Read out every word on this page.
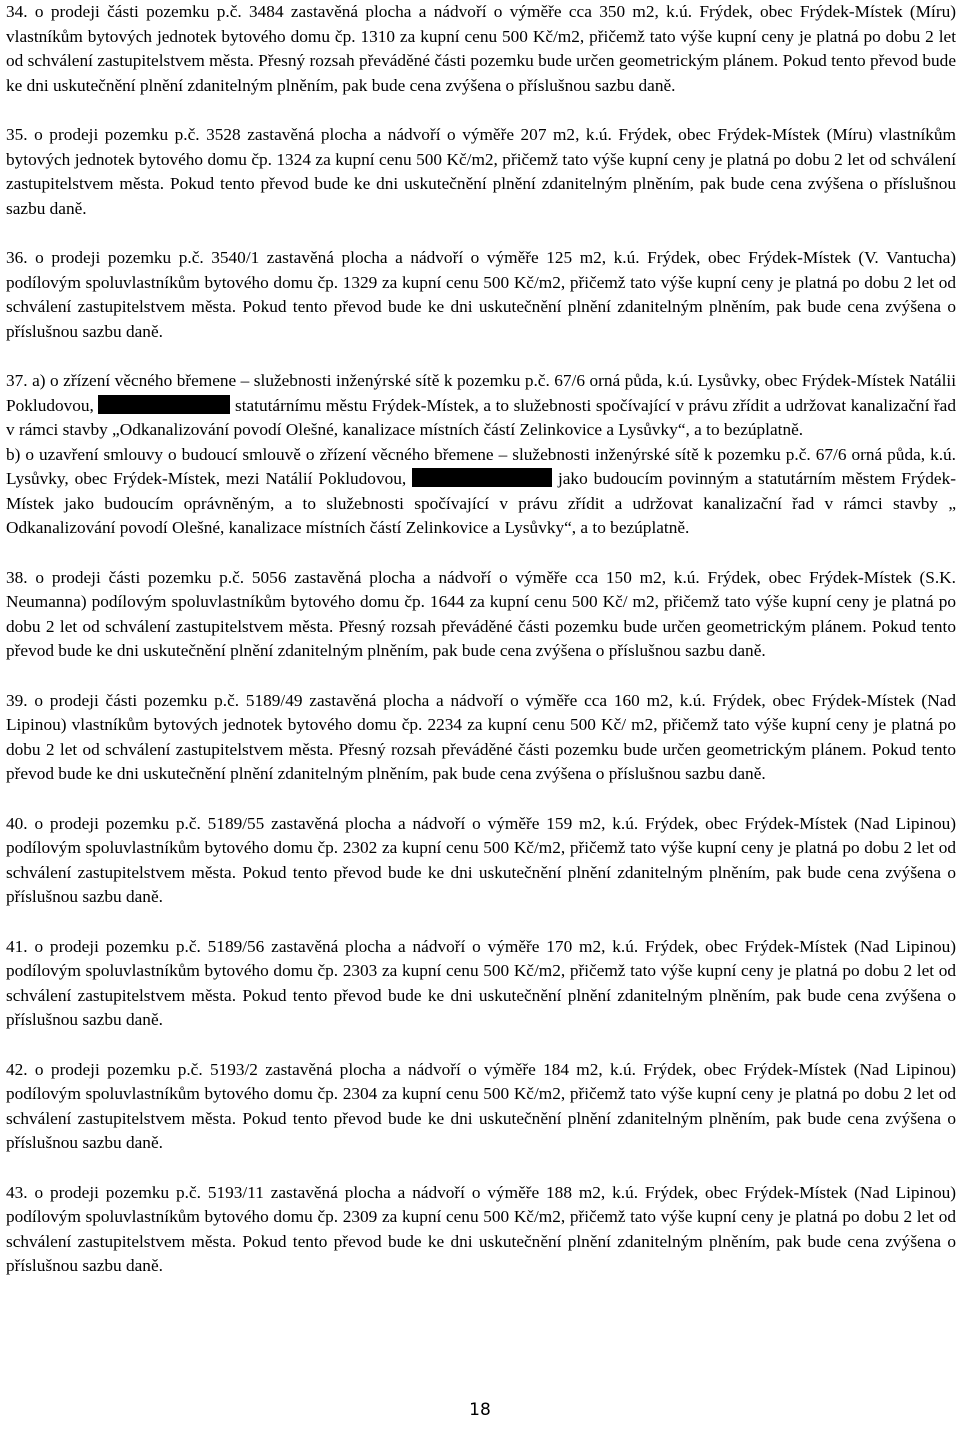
34. o prodeji části pozemku p.č. 3484 zastavěná plocha a nádvoří o výměře cca 350 m2, k.ú. Frýdek, obec Frýdek-Místek (Míru) vlastníkům bytových jednotek bytového domu čp. 1310 za kupní cenu 500 Kč/m2, přičemž tato výše kupní ceny je platná po dobu 2 let od schválení zastupitelstvem města. Přesný rozsah převáděné části pozemku bude určen geometrickým plánem. Pokud tento převod bude ke dni uskutečnění plnění zdanitelným plněním, pak bude cena zvýšena o příslušnou sazbu daně.

35. o prodeji pozemku p.č. 3528 zastavěná plocha a nádvoří o výměře 207 m2, k.ú. Frýdek, obec Frýdek-Místek (Míru) vlastníkům bytových jednotek bytového domu čp. 1324 za kupní cenu 500 Kč/m2, přičemž tato výše kupní ceny je platná po dobu 2 let od schválení zastupitelstvem města. Pokud tento převod bude ke dni uskutečnění plnění zdanitelným plněním, pak bude cena zvýšena o příslušnou sazbu daně.

36. o prodeji pozemku p.č. 3540/1 zastavěná plocha a nádvoří o výměře 125 m2, k.ú. Frýdek, obec Frýdek-Místek (V. Vantucha) podílovým spoluvlastníkům bytového domu čp. 1329 za kupní cenu 500 Kč/m2, přičemž tato výše kupní ceny je platná po dobu 2 let od schválení zastupitelstvem města. Pokud tento převod bude ke dni uskutečnění plnění zdanitelným plněním, pak bude cena zvýšena o příslušnou sazbu daně.

37. a) o zřízení věcného břemene – služebnosti inženýrské sítě k pozemku p.č. 67/6 orná půda, k.ú. Lysůvky, obec Frýdek-Místek Natálii Pokludovou,	statutárnímu městu Frýdek-Místek, a to služebnosti spočívající v právu zřídit a udržovat kanalizační řad v rámci stavby „Odkanalizování povodí Olešné, kanalizace místních částí Zelinkovice a Lysůvky“, a to bezúplatně.

b) o uzavření smlouvy o budoucí smlouvě o zřízení věcného břemene – služebnosti inženýrské sítě k pozemku p.č. 67/6 orná půda, k.ú. Lysůvky, obec Frýdek-Místek, mezi Natálií Pokludovou,	jako budoucím povinným a statutárním městem Frýdek-Místek jako budoucím oprávněným, a to služebnosti spočívající v právu zřídit a udržovat kanalizační řad v rámci stavby „ Odkanalizování povodí Olešné, kanalizace místních částí Zelinkovice a Lysůvky“, a to bezúplatně.

38. o prodeji části pozemku p.č. 5056 zastavěná plocha a nádvoří o výměře cca 150 m2, k.ú. Frýdek, obec Frýdek-Místek (S.K. Neumanna) podílovým spoluvlastníkům bytového domu čp. 1644 za kupní cenu 500 Kč/ m2, přičemž tato výše kupní ceny je platná po dobu 2 let od schválení zastupitelstvem města. Přesný rozsah převáděné části pozemku bude určen geometrickým plánem. Pokud tento převod bude ke dni uskutečnění plnění zdanitelným plněním, pak bude cena zvýšena o příslušnou sazbu daně.

39. o prodeji části pozemku p.č. 5189/49 zastavěná plocha a nádvoří o výměře cca 160 m2, k.ú. Frýdek, obec Frýdek-Místek (Nad Lipinou) vlastníkům bytových jednotek bytového domu čp. 2234 za kupní cenu 500 Kč/ m2, přičemž tato výše kupní ceny je platná po dobu 2 let od schválení zastupitelstvem města. Přesný rozsah převáděné části pozemku bude určen geometrickým plánem. Pokud tento převod bude ke dni uskutečnění plnění zdanitelným plněním, pak bude cena zvýšena o příslušnou sazbu daně.

40. o prodeji pozemku p.č. 5189/55 zastavěná plocha a nádvoří o výměře 159 m2, k.ú. Frýdek, obec Frýdek-Místek (Nad Lipinou) podílovým spoluvlastníkům bytového domu čp. 2302 za kupní cenu 500 Kč/m2, přičemž tato výše kupní ceny je platná po dobu 2 let od schválení zastupitelstvem města. Pokud tento převod bude ke dni uskutečnění plnění zdanitelným plněním, pak bude cena zvýšena o příslušnou sazbu daně.

41. o prodeji pozemku p.č. 5189/56 zastavěná plocha a nádvoří o výměře 170 m2, k.ú. Frýdek, obec Frýdek-Místek (Nad Lipinou) podílovým spoluvlastníkům bytového domu čp. 2303 za kupní cenu 500 Kč/m2, přičemž tato výše kupní ceny je platná po dobu 2 let od schválení zastupitelstvem města. Pokud tento převod bude ke dni uskutečnění plnění zdanitelným plněním, pak bude cena zvýšena o příslušnou sazbu daně.

42. o prodeji pozemku p.č. 5193/2 zastavěná plocha a nádvoří o výměře 184 m2, k.ú. Frýdek, obec Frýdek-Místek (Nad Lipinou) podílovým spoluvlastníkům bytového domu čp. 2304 za kupní cenu 500 Kč/m2, přičemž tato výše kupní ceny je platná po dobu 2 let od schválení zastupitelstvem města. Pokud tento převod bude ke dni uskutečnění plnění zdanitelným plněním, pak bude cena zvýšena o příslušnou sazbu daně.

43. o prodeji pozemku p.č. 5193/11 zastavěná plocha a nádvoří o výměře 188 m2, k.ú. Frýdek, obec Frýdek-Místek (Nad Lipinou) podílovým spoluvlastníkům bytového domu čp. 2309 za kupní cenu 500 Kč/m2, přičemž tato výše kupní ceny je platná po dobu 2 let od schválení zastupitelstvem města. Pokud tento převod bude ke dni uskutečnění plnění zdanitelným plněním, pak bude cena zvýšena o příslušnou sazbu daně.

18
